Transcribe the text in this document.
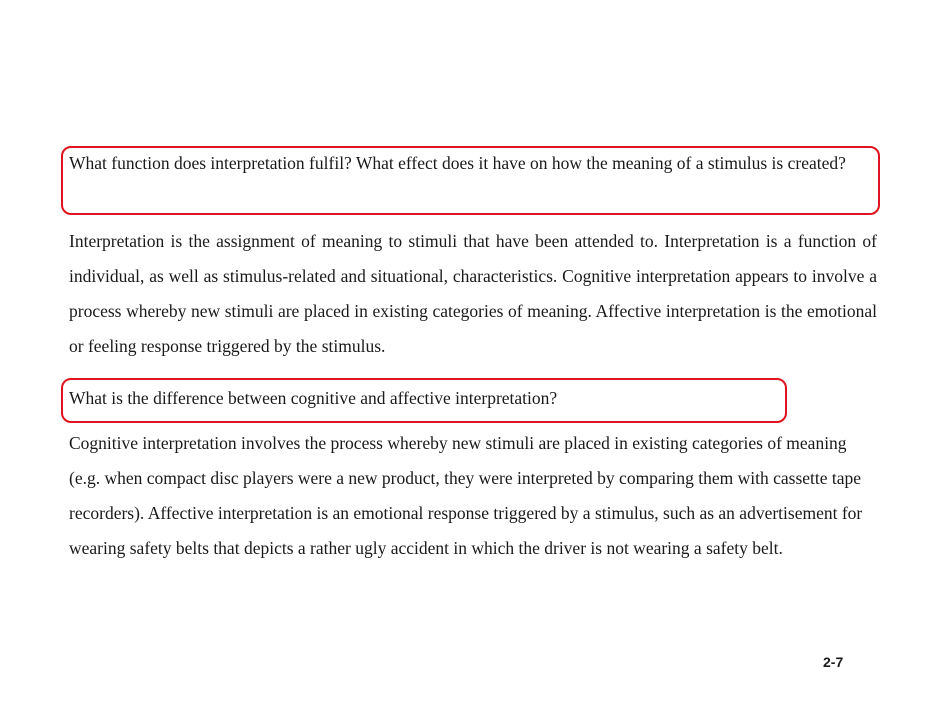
What function does interpretation fulfil? What effect does it have on how the meaning of a stimulus is created?

Interpretation is the assignment of meaning to stimuli that have been attended to. Interpretation is a function of individual, as well as stimulus-related and situational, characteristics. Cognitive interpretation appears to involve a process whereby new stimuli are placed in existing categories of meaning. Affective interpretation is the emotional or feeling response triggered by the stimulus.

What is the difference between cognitive and affective interpretation?

Cognitive interpretation involves the process whereby new stimuli are placed in existing categories of meaning (e.g. when compact disc players were a new product, they were interpreted by comparing them with cassette tape recorders). Affective interpretation is an emotional response triggered by a stimulus, such as an advertisement for wearing safety belts that depicts a rather ugly accident in which the driver is not wearing a safety belt.

2-7
